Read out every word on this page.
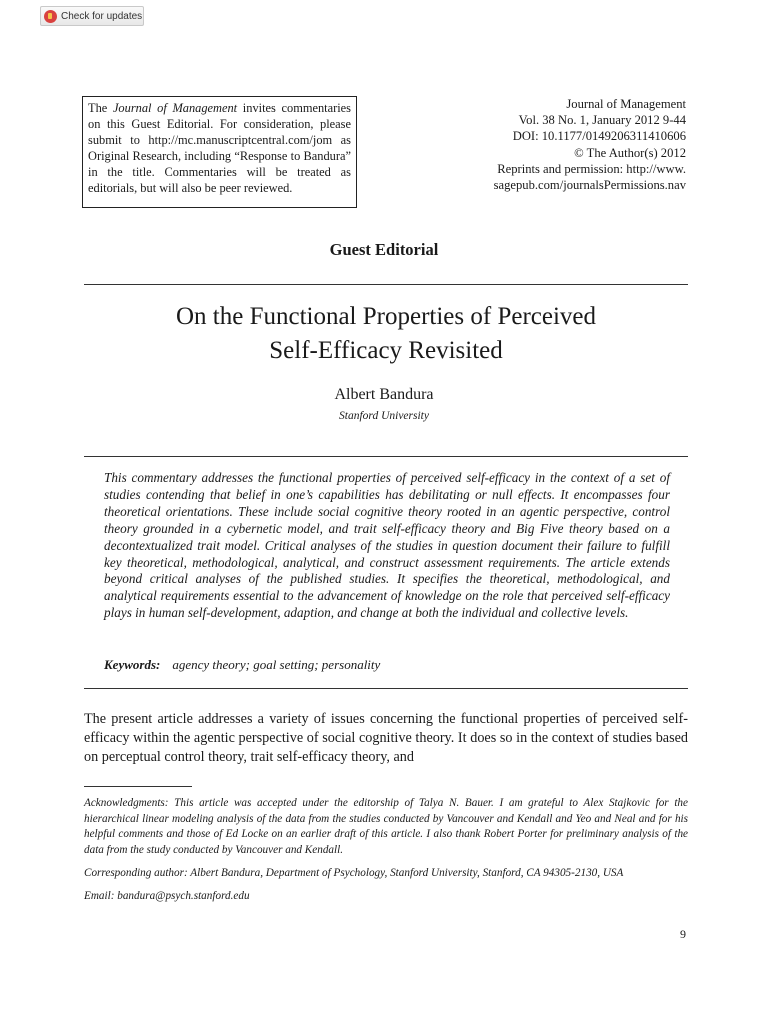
Check for updates
The Journal of Management invites commentaries on this Guest Editorial. For consideration, please submit to http://mc.manuscriptcentral.com/jom as Original Research, including “Response to Bandura” in the title. Commentaries will be treated as editorials, but will also be peer reviewed.
Journal of Management
Vol. 38 No. 1, January 2012 9-44
DOI: 10.1177/0149206311410606
© The Author(s) 2012
Reprints and permission: http://www.
sagepub.com/journalsPermissions.nav
Guest Editorial
On the Functional Properties of Perceived
Self-Efficacy Revisited
Albert Bandura
Stanford University
This commentary addresses the functional properties of perceived self-efficacy in the context of a set of studies contending that belief in one’s capabilities has debilitating or null effects. It encompasses four theoretical orientations. These include social cognitive theory rooted in an agentic perspective, control theory grounded in a cybernetic model, and trait self-efficacy theory and Big Five theory based on a decontextualized trait model. Critical analyses of the studies in question document their failure to fulfill key theoretical, methodological, analytical, and construct assessment requirements. The article extends beyond critical analyses of the published studies. It specifies the theoretical, methodological, and analytical requirements essential to the advancement of knowledge on the role that perceived self-efficacy plays in human self-development, adaption, and change at both the individual and collective levels.
Keywords: agency theory; goal setting; personality
The present article addresses a variety of issues concerning the functional properties of perceived self-efficacy within the agentic perspective of social cognitive theory. It does so in the context of studies based on perceptual control theory, trait self-efficacy theory, and
Acknowledgments: This article was accepted under the editorship of Talya N. Bauer. I am grateful to Alex Stajkovic for the hierarchical linear modeling analysis of the data from the studies conducted by Vancouver and Kendall and Yeo and Neal and for his helpful comments and those of Ed Locke on an earlier draft of this article. I also thank Robert Porter for preliminary analysis of the data from the study conducted by Vancouver and Kendall.
Corresponding author: Albert Bandura, Department of Psychology, Stanford University, Stanford, CA 94305-2130, USA
Email: bandura@psych.stanford.edu
9
